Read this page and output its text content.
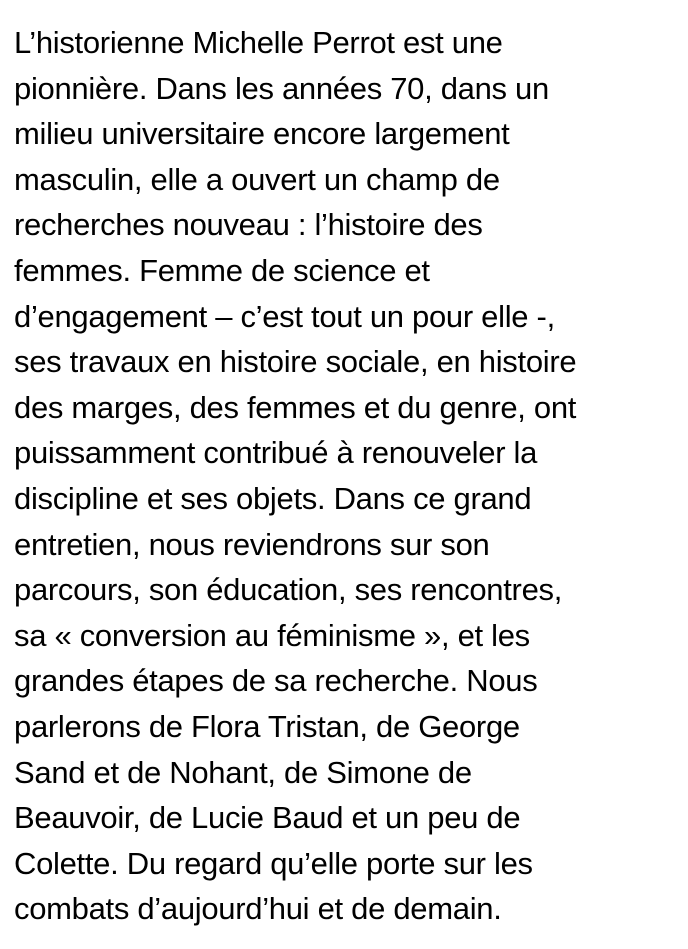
L’historienne Michelle Perrot est une
pionnière. Dans les années 70, dans un
milieu universitaire encore largement
masculin, elle a ouvert un champ de
recherches nouveau : l’histoire des
femmes. Femme de science et
d’engagement – c’est tout un pour elle -,
ses travaux en histoire sociale, en histoire
des marges, des femmes et du genre, ont
puissamment contribué à renouveler la
discipline et ses objets. Dans ce grand
entretien, nous reviendrons sur son
parcours, son éducation, ses rencontres,
sa « conversion au féminisme », et les
grandes étapes de sa recherche. Nous
parlerons de Flora Tristan, de George
Sand et de Nohant, de Simone de
Beauvoir, de Lucie Baud et un peu de
Colette. Du regard qu’elle porte sur les
combats d’aujourd’hui et de demain.
